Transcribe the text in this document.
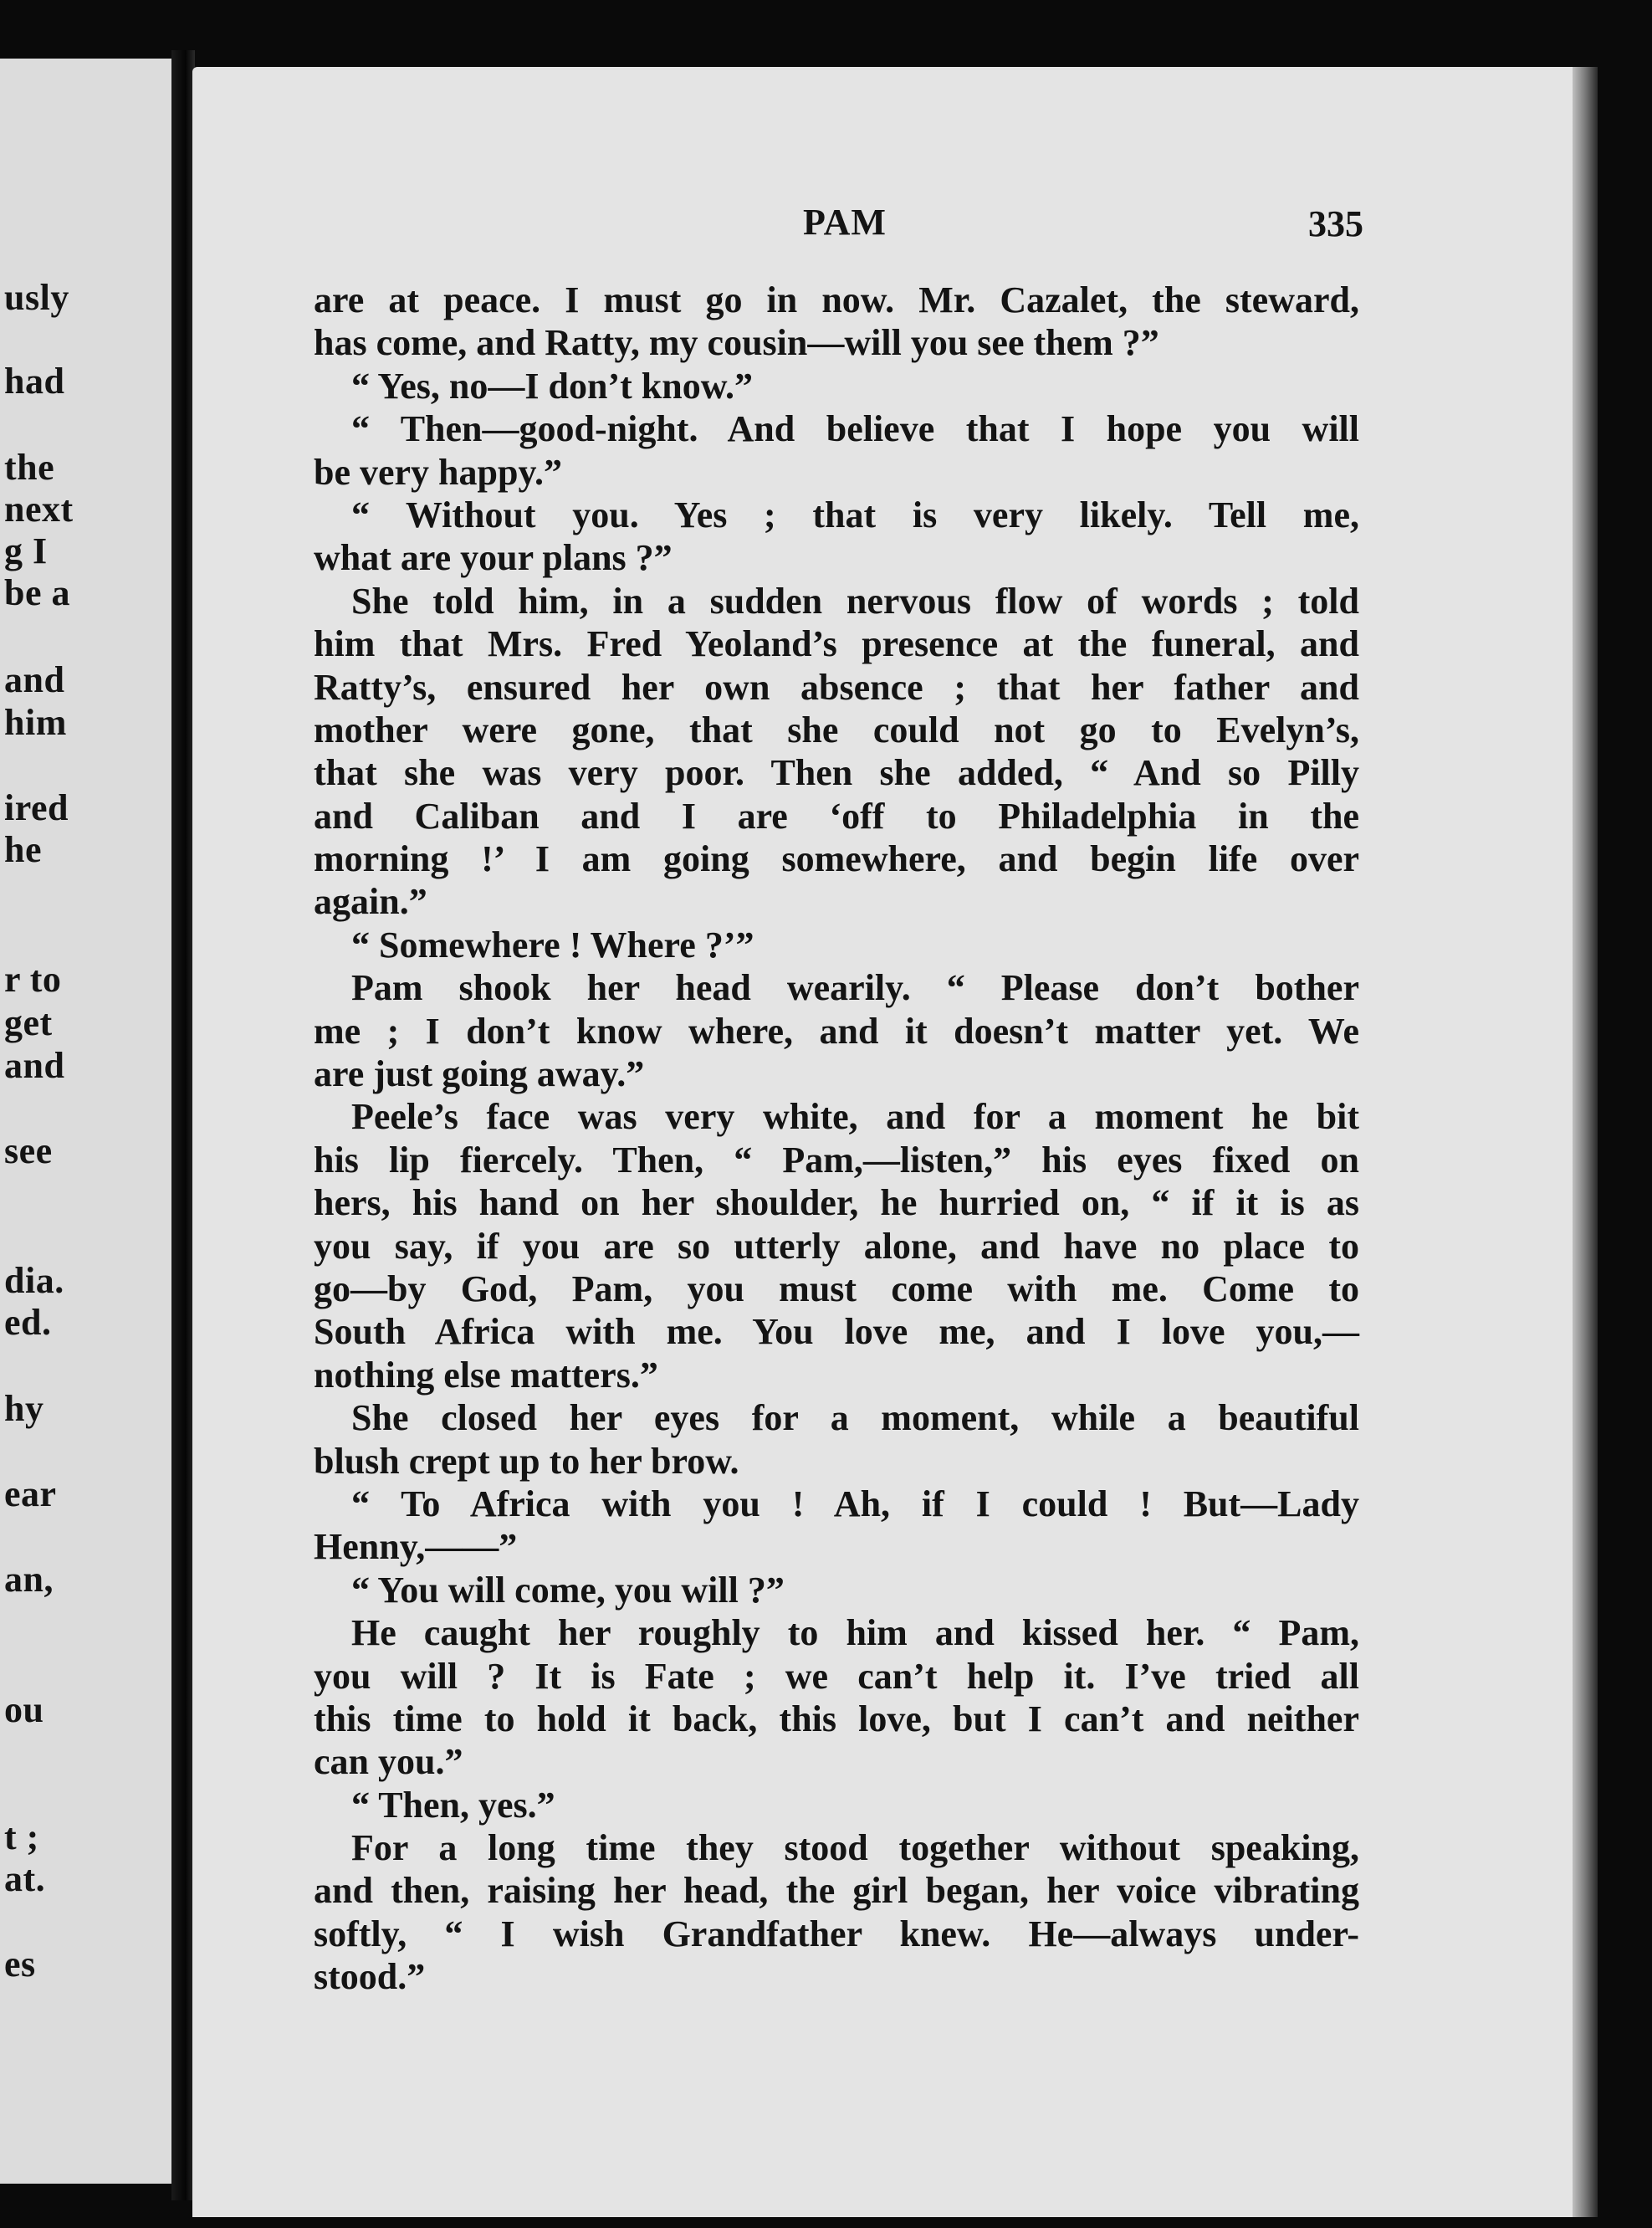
usly
had
the
next
g I
be a
and
him
ired
he
r to
get
and
see
dia.
ed.
hy
ear
an,
ou
t ;
at.
es
PAM	335
are at peace. I must go in now. Mr. Cazalet, the steward,
has come, and Ratty, my cousin—will you see them ?”
“ Yes, no—I don’t know.”
“ Then—good-night. And believe that I hope you will
be very happy.”
“ Without you. Yes ; that is very likely. Tell me,
what are your plans ?”
She told him, in a sudden nervous flow of words ; told
him that Mrs. Fred Yeoland’s presence at the funeral, and
Ratty’s, ensured her own absence ; that her father and
mother were gone, that she could not go to Evelyn’s,
that she was very poor. Then she added, “ And so Pilly
and Caliban and I are ‘off to Philadelphia in the
morning !’ I am going somewhere, and begin life over
again.”
“ Somewhere ! Where ?’”
Pam shook her head wearily. “ Please don’t bother
me ; I don’t know where, and it doesn’t matter yet. We
are just going away.”
Peele’s face was very white, and for a moment he bit
his lip fiercely. Then, “ Pam,—listen,” his eyes fixed on
hers, his hand on her shoulder, he hurried on, “ if it is as
you say, if you are so utterly alone, and have no place to
go—by God, Pam, you must come with me. Come to
South Africa with me. You love me, and I love you,—
nothing else matters.”
She closed her eyes for a moment, while a beautiful
blush crept up to her brow.
“ To Africa with you ! Ah, if I could ! But—Lady
Henny,——”
“ You will come, you will ?”
He caught her roughly to him and kissed her. “ Pam,
you will ? It is Fate ; we can’t help it. I’ve tried all
this time to hold it back, this love, but I can’t and neither
can you.”
“ Then, yes.”
For a long time they stood together without speaking,
and then, raising her head, the girl began, her voice vibrating
softly, “ I wish Grandfather knew. He—always under-
stood.”
